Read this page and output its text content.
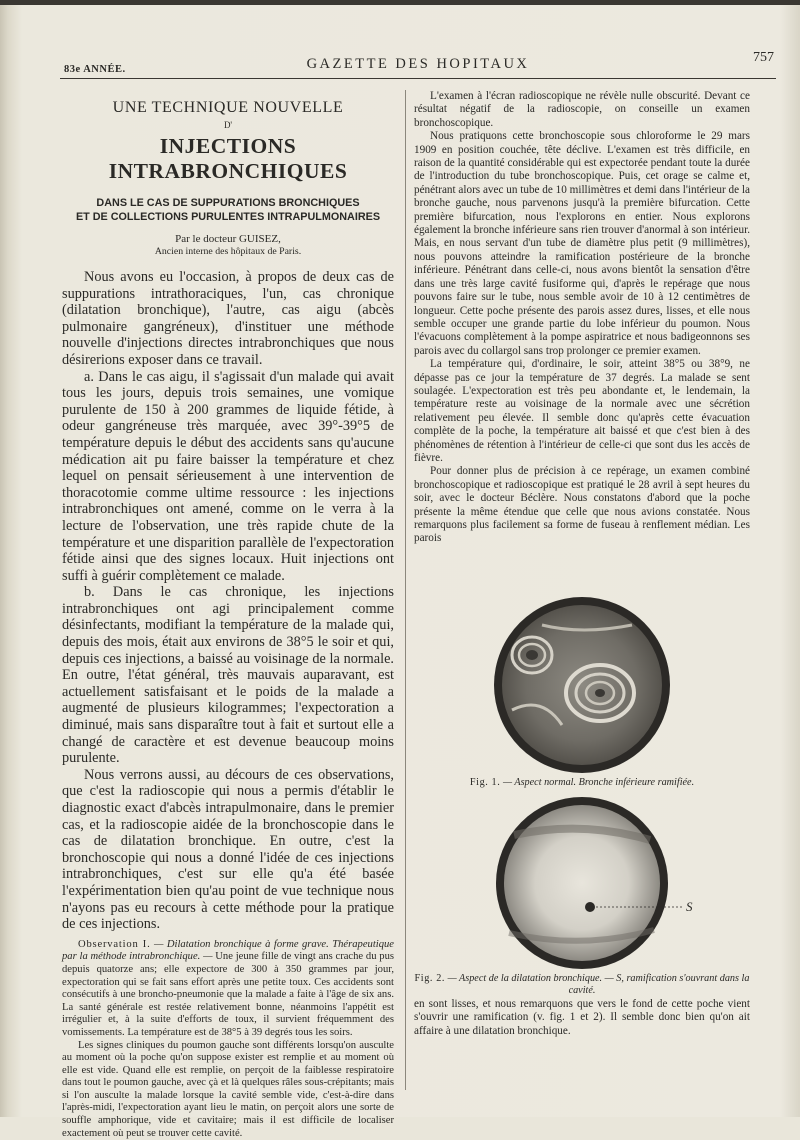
83e ANNÉE.	GAZETTE DES HOPITAUX	757
UNE TECHNIQUE NOUVELLE
D'
INJECTIONS INTRABRONCHIQUES
DANS LE CAS DE SUPPURATIONS BRONCHIQUES
ET DE COLLECTIONS PURULENTES INTRAPULMONAIRES
Par le docteur GUISEZ,
Ancien interne des hôpitaux de Paris.

Nous avons eu l'occasion, à propos de deux cas de suppurations intrathoraciques, l'un, cas chronique (dilatation bronchique), l'autre, cas aigu (abcès pulmonaire gangréneux), d'instituer une méthode nouvelle d'injections directes intrabronchiques que nous désirerions exposer dans ce travail.

a. Dans le cas aigu, il s'agissait d'un malade qui avait tous les jours, depuis trois semaines, une vomique purulente de 150 à 200 grammes de liquide fétide, à odeur gangréneuse très marquée, avec 39°-39°5 de température depuis le début des accidents sans qu'aucune médication ait pu faire baisser la température et chez lequel on pensait sérieusement à une intervention de thoracotomie comme ultime ressource : les injections intrabronchiques ont amené, comme on le verra à la lecture de l'observation, une très rapide chute de la température et une disparition parallèle de l'expectoration fétide ainsi que des signes locaux. Huit injections ont suffi à guérir complètement ce malade.

b. Dans le cas chronique, les injections intrabronchiques ont agi principalement comme désinfectants, modifiant la température de la malade qui, depuis des mois, était aux environs de 38°5 le soir et qui, depuis ces injections, a baissé au voisinage de la normale. En outre, l'état général, très mauvais auparavant, est actuellement satisfaisant et le poids de la malade a augmenté de plusieurs kilogrammes; l'expectoration a diminué, mais sans disparaître tout à fait et surtout elle a changé de caractère et est devenue beaucoup moins purulente.

Nous verrons aussi, au décours de ces observations, que c'est la radioscopie qui nous a permis d'établir le diagnostic exact d'abcès intrapulmonaire, dans le premier cas, et la radioscopie aidée de la bronchoscopie dans le cas de dilatation bronchique. En outre, c'est la bronchoscopie qui nous a donné l'idée de ces injections intrabronchiques, c'est sur elle qu'a été basée l'expérimentation bien qu'au point de vue technique nous n'ayons pas eu recours à cette méthode pour la pratique de ces injections.

Observation I. — Dilatation bronchique à forme grave. Thérapeutique par la méthode intrabronchique. — Une jeune fille de vingt ans crache du pus depuis quatorze ans; elle expectore de 300 à 350 grammes par jour, expectoration qui se fait sans effort après une petite toux. Ces accidents sont consécutifs à une broncho-pneumonie que la malade a faite à l'âge de six ans. La santé générale est restée relativement bonne, néanmoins l'appétit est irrégulier et, à la suite d'efforts de toux, il survient fréquemment des vomissements. La température est de 38°5 à 39 degrés tous les soirs.

Les signes cliniques du poumon gauche sont différents lorsqu'on ausculte au moment où la poche qu'on suppose exister est remplie et au moment où elle est vide. Quand elle est remplie, on perçoit de la faiblesse respiratoire dans tout le poumon gauche, avec çà et là quelques râles sous-crépitants; mais si l'on ausculte la malade lorsque la cavité semble vide, c'est-à-dire dans l'après-midi, l'expectoration ayant lieu le matin, on perçoit alors une sorte de souffle amphorique, vide et cavitaire; mais il est difficile de localiser exactement où peut se trouver cette cavité.

L'examen à l'écran radioscopique ne révèle nulle obscurité. Devant ce résultat négatif de la radioscopie, on conseille un examen bronchoscopique.

Nous pratiquons cette bronchoscopie sous chloroforme le 29 mars 1909 en position couchée, tête déclive. L'examen est très difficile, en raison de la quantité considérable qui est expectorée pendant toute la durée de l'introduction du tube bronchoscopique. Puis, cet orage se calme et, pénétrant alors avec un tube de 10 millimètres et demi dans l'intérieur de la bronche gauche, nous parvenons jusqu'à la première bifurcation. Cette première bifurcation, nous l'explorons en entier. Nous explorons également la bronche inférieure sans rien trouver d'anormal à son intérieur. Mais, en nous servant d'un tube de diamètre plus petit (9 millimètres), nous pouvons atteindre la ramification postérieure de la bronche inférieure. Pénétrant dans celle-ci, nous avons bientôt la sensation d'être dans une très large cavité fusiforme qui, d'après le repérage que nous pouvons faire sur le tube, nous semble avoir de 10 à 12 centimètres de longueur. Cette poche présente des parois assez dures, lisses, et elle nous semble occuper une grande partie du lobe inférieur du poumon. Nous l'évacuons complètement à la pompe aspiratrice et nous badigeonnons ses parois avec du collargol sans trop prolonger ce premier examen.

La température qui, d'ordinaire, le soir, atteint 38°5 ou 38°9, ne dépasse pas ce jour la température de 37 degrés. La malade se sent soulagée. L'expectoration est très peu abondante et, le lendemain, la température reste au voisinage de la normale avec une sécrétion relativement peu élevée. Il semble donc qu'après cette évacuation complète de la poche, la température ait baissé et que c'est bien à des phénomènes de rétention à l'intérieur de celle-ci que sont dus les accès de fièvre.

Pour donner plus de précision à ce repérage, un examen combiné bronchoscopique et radioscopique est pratiqué le 28 avril à sept heures du soir, avec le docteur Béclère. Nous constatons d'abord que la poche présente la même étendue que celle que nous avions constatée. Nous remarquons plus facilement sa forme de fuseau à renflement médian. Les parois

Fig. 1. — Aspect normal. Bronche inférieure ramifiée.
S
Fig. 2. — Aspect de la dilatation bronchique. — S, ramification s'ouvrant dans la cavité.

en sont lisses, et nous remarquons que vers le fond de cette poche vient s'ouvrir une ramification (v. fig. 1 et 2). Il semble donc bien qu'on ait affaire à une dilatation bronchique.
